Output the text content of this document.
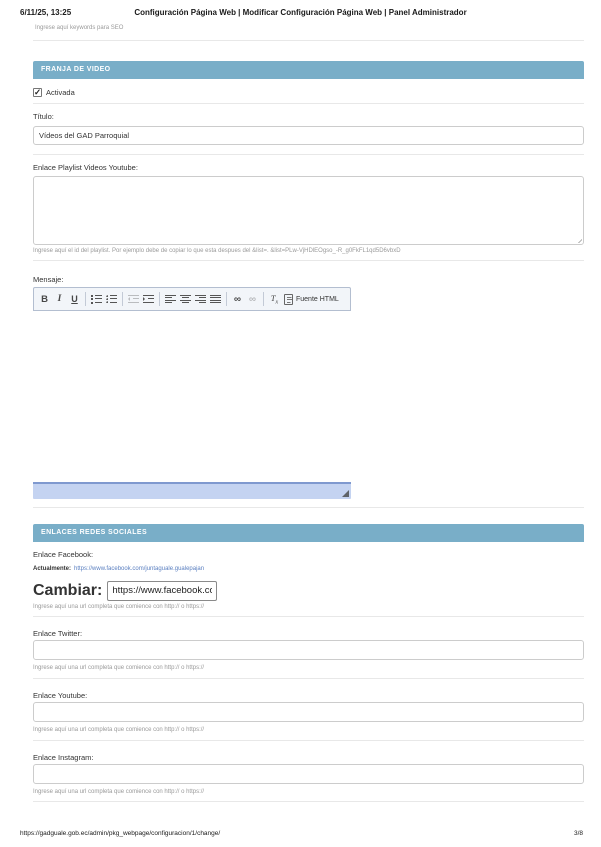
6/11/25, 13:25	Configuración Página Web | Modificar Configuración Página Web | Panel Administrador
Ingrese aquí keywords para SEO
FRANJA DE VIDEO
✓
Activada
Título:
Vídeos del GAD Parroquial
Enlace Playlist Videos Youtube:
Ingrese aquí el id del playlist. Por ejemplo debe de copiar lo que esta despues del &list=. &list=PLw-VjHDlEOgso_-R_g0FkFL1qd5D6vbxD
Mensaje:
B I U	∞ ∞ $T_x$	Fuente HTML
ENLACES REDES SOCIALES
Enlace Facebook:
Actualmente: https://www.facebook.com/juntaguale.gualepajan
Cambiar:
https://www.facebook.com
Ingrese aquí una url completa que comience con http:// o https://
Enlace Twitter:
Ingrese aquí una url completa que comience con http:// o https://
Enlace Youtube:
Ingrese aquí una url completa que comience con http:// o https://
Enlace Instagram:
Ingrese aquí una url completa que comience con http:// o https://
https://gadguale.gob.ec/admin/pkg_webpage/configuracion/1/change/	3/8
